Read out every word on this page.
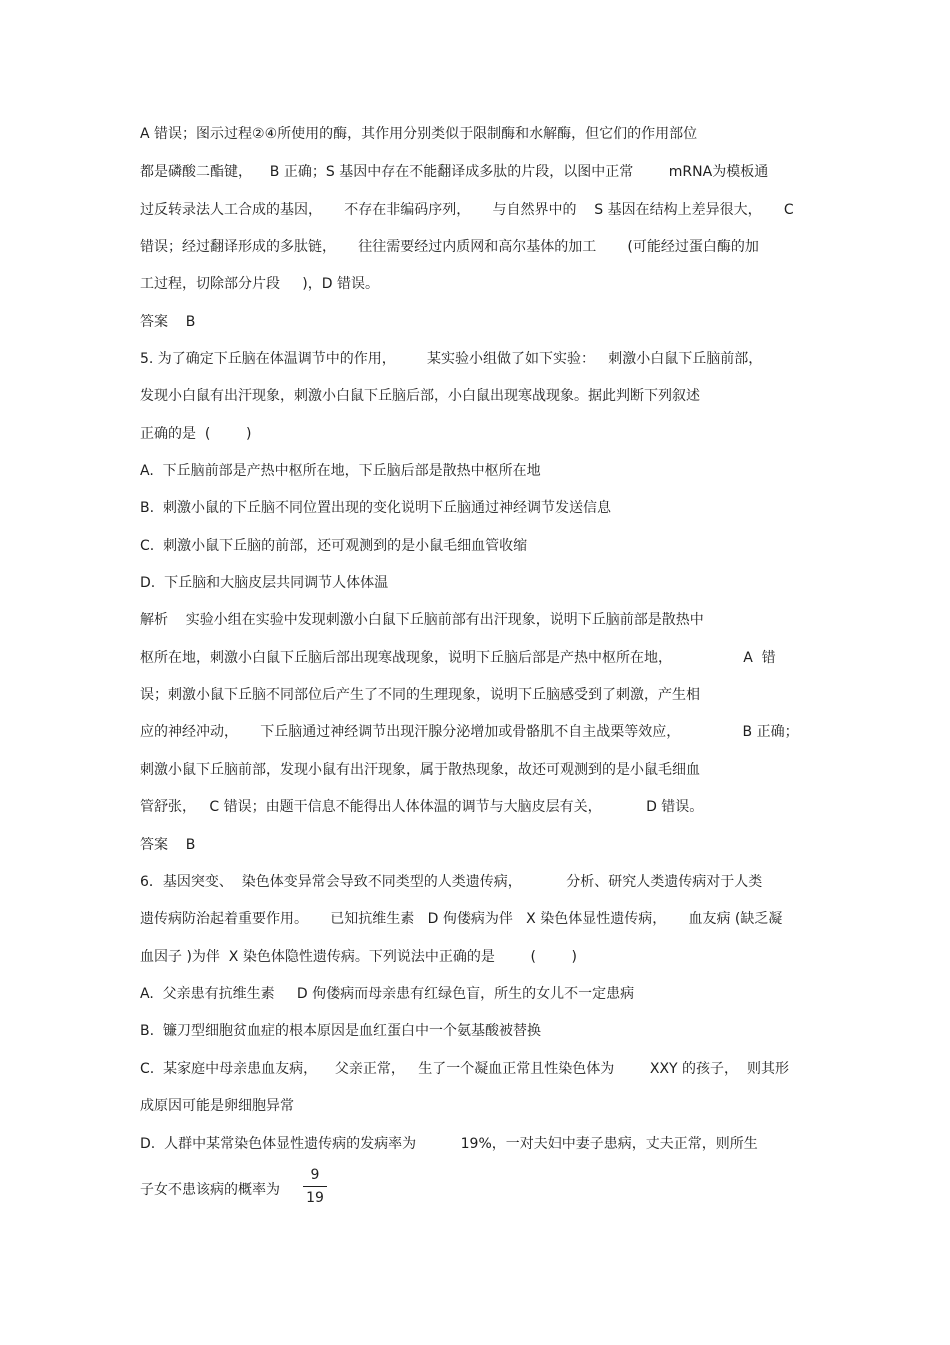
A 错误；图示过程②④所使用的酶，其作用分别类似于限制酶和水解酶，但它们的作用部位
都是磷酸二酯键，    B 正确；S 基因中存在不能翻译成多肽的片段，以图中正常        mRNA为模板通
过反转录法人工合成的基因，     不存在非编码序列，     与自然界中的    S 基因在结构上差异很大，     C
错误；经过翻译形成的多肽链，     往往需要经过内质网和高尔基体的加工       (可能经过蛋白酶的加
工过程，切除部分片段     )，D 错误。
答案    B
5. 为了确定下丘脑在体温调节中的作用，       某实验小组做了如下实验：   刺激小白鼠下丘脑前部，
发现小白鼠有出汗现象，刺激小白鼠下丘脑后部，小白鼠出现寒战现象。据此判断下列叙述
正确的是  (        )
A.  下丘脑前部是产热中枢所在地，下丘脑后部是散热中枢所在地
B.  刺激小鼠的下丘脑不同位置出现的变化说明下丘脑通过神经调节发送信息
C.  刺激小鼠下丘脑的前部，还可观测到的是小鼠毛细血管收缩
D.  下丘脑和大脑皮层共同调节人体体温
解析    实验小组在实验中发现刺激小白鼠下丘脑前部有出汗现象，说明下丘脑前部是散热中
枢所在地，刺激小白鼠下丘脑后部出现寒战现象，说明下丘脑后部是产热中枢所在地，                A  错
误；刺激小鼠下丘脑不同部位后产生了不同的生理现象，说明下丘脑感受到了刺激，产生相
应的神经冲动，     下丘脑通过神经调节出现汗腺分泌增加或骨骼肌不自主战栗等效应，              B 正确；
刺激小鼠下丘脑前部，发现小鼠有出汗现象，属于散热现象，故还可观测到的是小鼠毛细血
管舒张，   C 错误；由题干信息不能得出人体体温的调节与大脑皮层有关，          D 错误。
答案    B
6．基因突变、  染色体变异常会导致不同类型的人类遗传病，          分析、研究人类遗传病对于人类
遗传病防治起着重要作用。     已知抗维生素   D 佝偻病为伴   X 染色体显性遗传病，     血友病 (缺乏凝
血因子 )为伴  X 染色体隐性遗传病。下列说法中正确的是        (        )
A.  父亲患有抗维生素     D 佝偻病而母亲患有红绿色盲，所生的女儿不一定患病
B.  镰刀型细胞贫血症的根本原因是血红蛋白中一个氨基酸被替换
C.  某家庭中母亲患血友病，    父亲正常，   生了一个凝血正常且性染色体为        XXY 的孩子，  则其形
成原因可能是卵细胞异常
D.  人群中某常染色体显性遗传病的发病率为          19%，一对夫妇中妻子患病，丈夫正常，则所生
子女不患该病的概率为
9
19
